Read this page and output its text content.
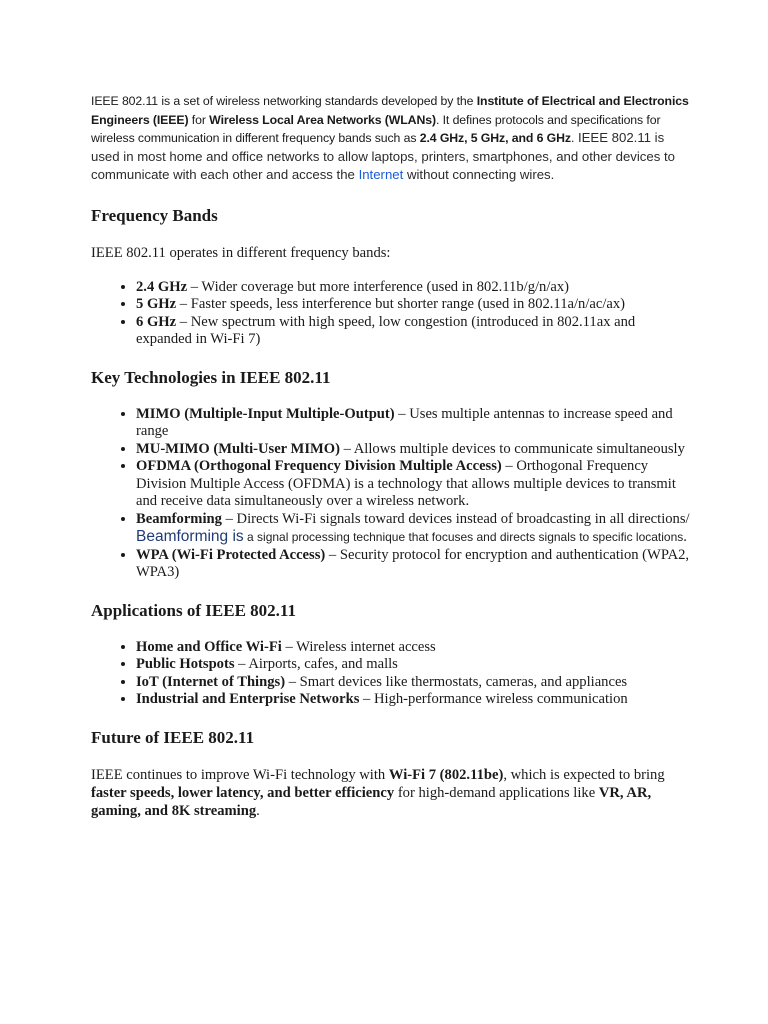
IEEE 802.11 is a set of wireless networking standards developed by the Institute of Electrical and Electronics Engineers (IEEE) for Wireless Local Area Networks (WLANs). It defines protocols and specifications for wireless communication in different frequency bands such as 2.4 GHz, 5 GHz, and 6 GHz. IEEE 802.11 is used in most home and office networks to allow laptops, printers, smartphones, and other devices to communicate with each other and access the Internet without connecting wires.

Frequency Bands

IEEE 802.11 operates in different frequency bands:

• 2.4 GHz – Wider coverage but more interference (used in 802.11b/g/n/ax)
• 5 GHz – Faster speeds, less interference but shorter range (used in 802.11a/n/ac/ax)
• 6 GHz – New spectrum with high speed, low congestion (introduced in 802.11ax and expanded in Wi-Fi 7)
Key Technologies in IEEE 802.11
• MIMO (Multiple-Input Multiple-Output) – Uses multiple antennas to increase speed and range
• MU-MIMO (Multi-User MIMO) – Allows multiple devices to communicate simultaneously
• OFDMA (Orthogonal Frequency Division Multiple Access) – Orthogonal Frequency Division Multiple Access (OFDMA) is a technology that allows multiple devices to transmit and receive data simultaneously over a wireless network.
• Beamforming – Directs Wi-Fi signals toward devices instead of broadcasting in all directions/ Beamforming is a signal processing technique that focuses and directs signals to specific locations.
• WPA (Wi-Fi Protected Access) – Security protocol for encryption and authentication (WPA2, WPA3)
Applications of IEEE 802.11
• Home and Office Wi-Fi – Wireless internet access
• Public Hotspots – Airports, cafes, and malls
• IoT (Internet of Things) – Smart devices like thermostats, cameras, and appliances
• Industrial and Enterprise Networks – High-performance wireless communication
Future of IEEE 802.11

IEEE continues to improve Wi-Fi technology with Wi-Fi 7 (802.11be), which is expected to bring faster speeds, lower latency, and better efficiency for high-demand applications like VR, AR, gaming, and 8K streaming.
